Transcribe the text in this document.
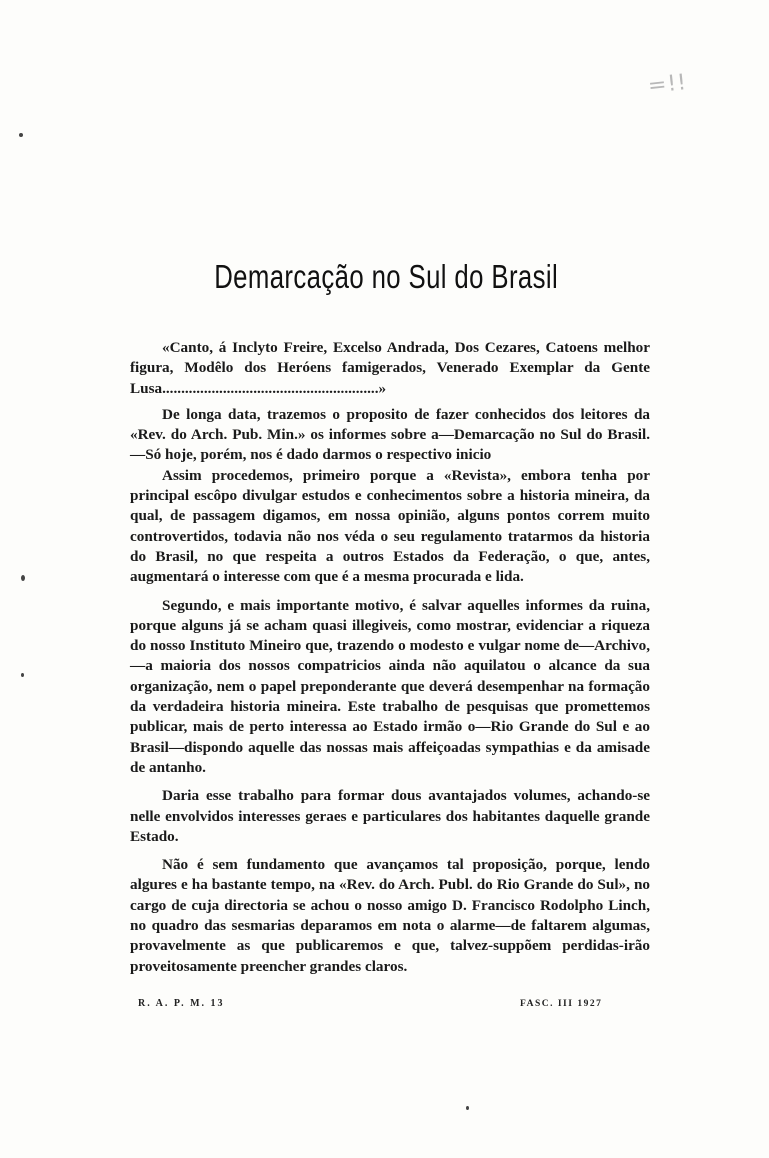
=!!
Demarcação no Sul do Brasil

«Canto, á Inclyto Freire, Excelso Andrada, Dos Cezares, Catoens melhor figura, Modêlo dos Heróens famigerados, Venerado Exemplar da Gente Lusa.........................................................»

De longa data, trazemos o proposito de fazer conhecidos dos leitores da «Rev. do Arch. Pub. Min.» os informes sobre a—Demarcação no Sul do Brasil.—Só hoje, porém, nos é dado darmos o respectivo inicio

Assim procedemos, primeiro porque a «Revista», embora tenha por principal escôpo divulgar estudos e conhecimentos sobre a historia mineira, da qual, de passagem digamos, em nossa opinião, alguns pontos correm muito controvertidos, todavia não nos véda o seu regulamento tratarmos da historia do Brasil, no que respeita a outros Estados da Federação, o que, antes, augmentará o interesse com que é a mesma procurada e lida.

Segundo, e mais importante motivo, é salvar aquelles informes da ruina, porque alguns já se acham quasi illegiveis, como mostrar, evidenciar a riqueza do nosso Instituto Mineiro que, trazendo o modesto e vulgar nome de—Archivo,—a maioria dos nossos compatricios ainda não aquilatou o alcance da sua organização, nem o papel preponderante que deverá desempenhar na formação da verdadeira historia mineira. Este trabalho de pesquisas que promettemos publicar, mais de perto interessa ao Estado irmão o—Rio Grande do Sul e ao Brasil—dispondo aquelle das nossas mais affeiçoadas sympathias e da amisade de antanho.

Daria esse trabalho para formar dous avantajados volumes, achando-se nelle envolvidos interesses geraes e particulares dos habitantes daquelle grande Estado.

Não é sem fundamento que avançamos tal proposição, porque, lendo algures e ha bastante tempo, na «Rev. do Arch. Publ. do Rio Grande do Sul», no cargo de cuja directoria se achou o nosso amigo D. Francisco Rodolpho Linch, no quadro das sesmarias deparamos em nota o alarme—de faltarem algumas, provavelmente as que publicaremos e que, talvez-suppõem perdidas-irão proveitosamente preencher grandes claros.

R. A. P. M. 13	FASC. III 1927
